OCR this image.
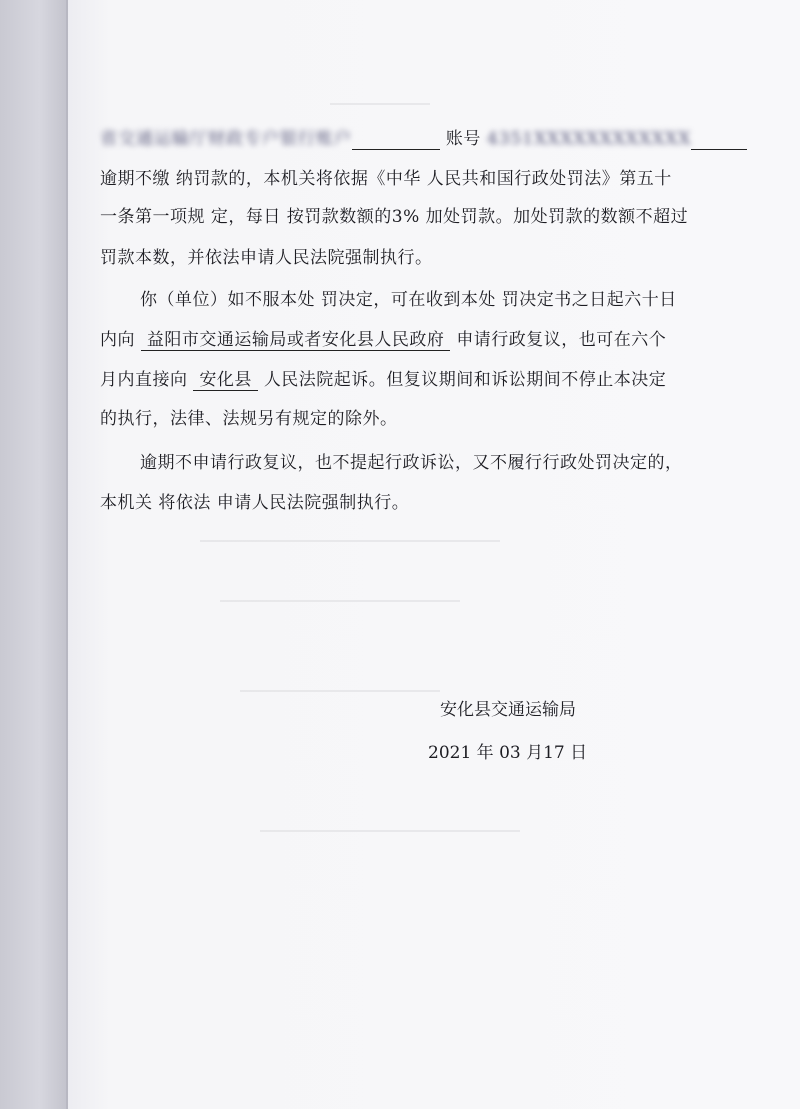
省交通运输厅财政专户银行账户	账号 4351XXXXXXXXXXXX
逾期不缴 纳罚款的，本机关将依据《中华 人民共和国行政处罚法》第五十
一条第一项规 定，每日 按罚款数额的3% 加处罚款。加处罚款的数额不超过
罚款本数，并依法申请人民法院强制执行。
你（单位）如不服本处 罚决定，可在收到本处 罚决定书之日起六十日
内向 益阳市交通运输局或者安化县人民政府 申请行政复议，也可在六个
月内直接向 安化县 人民法院起诉。但复议期间和诉讼期间不停止本决定
的执行，法律、法规另有规定的除外。
逾期不申请行政复议，也不提起行政诉讼，又不履行行政处罚决定的，
本机关 将依法 申请人民法院强制执行。
安化县交通运输局
2021 年 03 月17 日
